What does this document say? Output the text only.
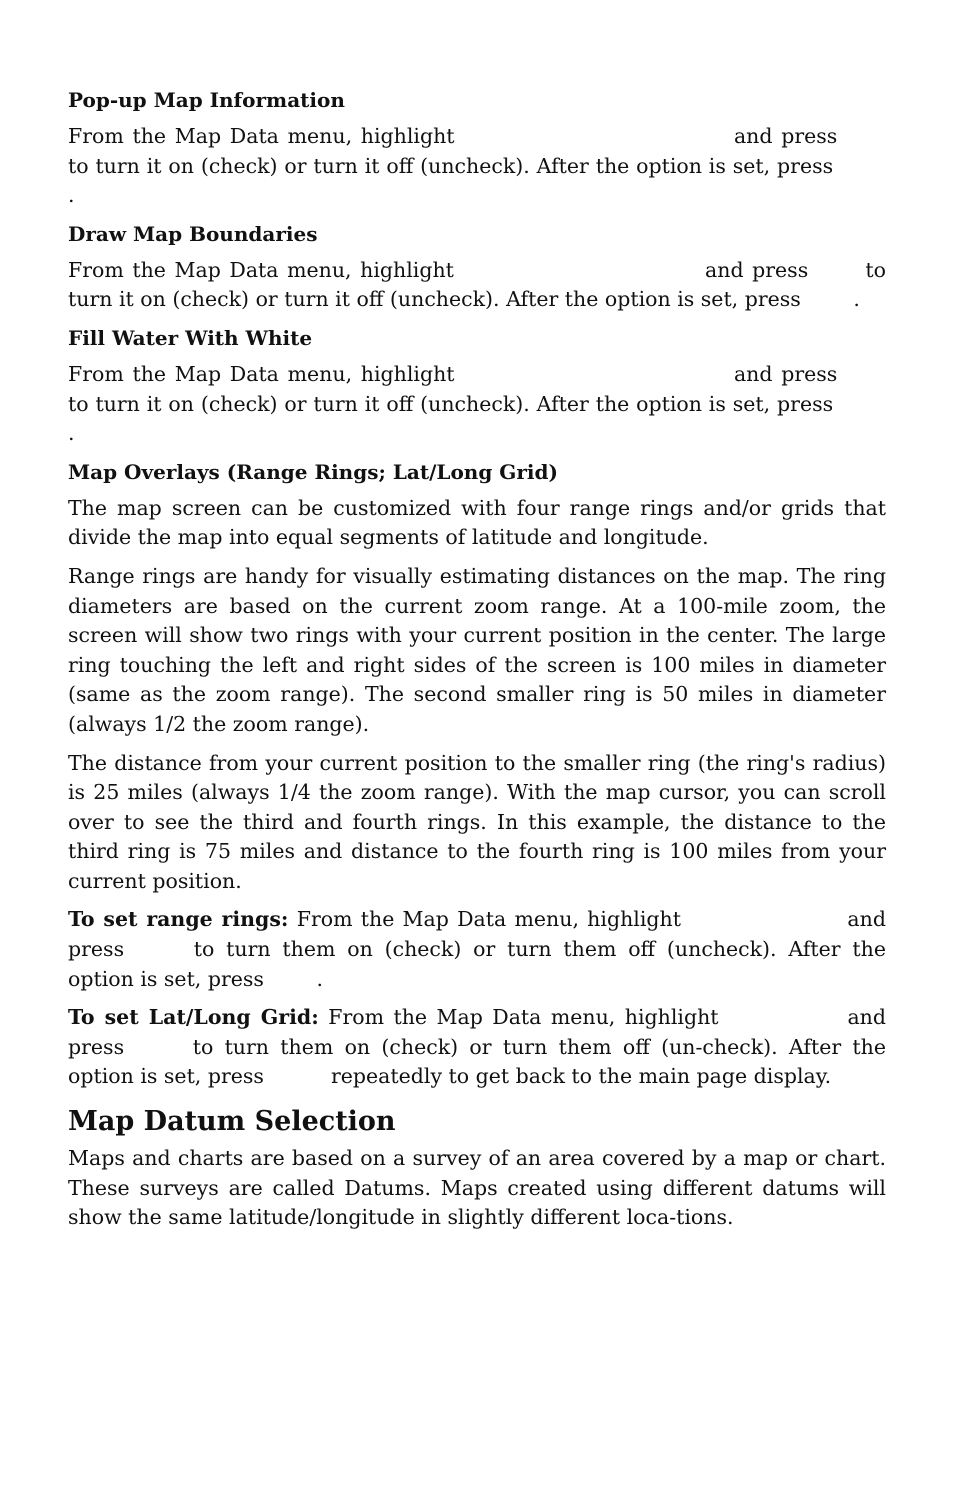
Pop-up Map Information

From the Map Data menu, highlight	and press  to turn it on (check) or turn it off (uncheck). After the option is set, press .

Draw Map Boundaries

From the Map Data menu, highlight	and press	to turn it on (check) or turn it off (uncheck). After the option is set, press	.

Fill Water With White

From the Map Data menu, highlight	and press  to turn it on (check) or turn it off (uncheck). After the option is set, press .

Map Overlays (Range Rings; Lat/Long Grid)

The map screen can be customized with four range rings and/or grids that divide the map into equal segments of latitude and longitude.

Range rings are handy for visually estimating distances on the map. The ring diameters are based on the current zoom range. At a 100-mile zoom, the screen will show two rings with your current position in the center. The large ring touching the left and right sides of the screen is 100 miles in diameter (same as the zoom range). The second smaller ring is 50 miles in diameter (always 1/2 the zoom range).

The distance from your current position to the smaller ring (the ring's radius) is 25 miles (always 1/4 the zoom range). With the map cursor, you can scroll over to see the third and fourth rings. In this example, the distance to the third ring is 75 miles and distance to the fourth ring is 100 miles from your current position.

To set range rings: From the Map Data menu, highlight	and press	to turn them on (check) or turn them off (uncheck). After the option is set, press	.

To set Lat/Long Grid: From the Map Data menu, highlight	and press	to turn them on (check) or turn them off (un-check). After the option is set, press	repeatedly to get back to the main page display.

Map Datum Selection

Maps and charts are based on a survey of an area covered by a map or chart. These surveys are called Datums. Maps created using different datums will show the same latitude/longitude in slightly different loca-tions.
